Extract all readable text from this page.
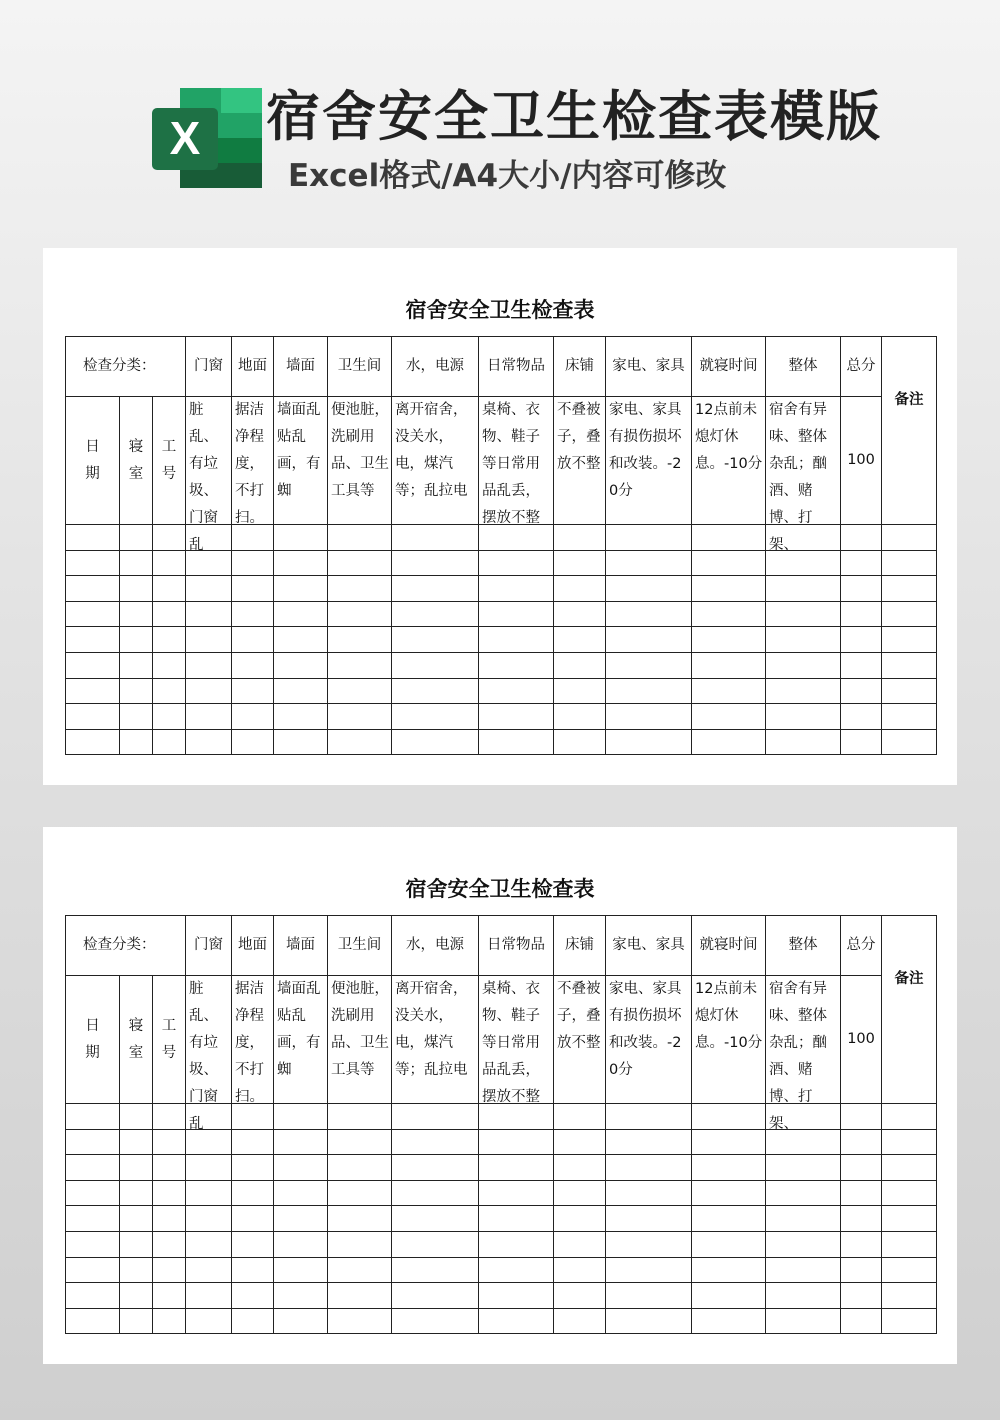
X 宿舍安全卫生检查表模版
Excel格式/A4大小/内容可修改
宿舍安全卫生检查表
检查分类：			门窗	地面	墙面	卫生间	水，电源	日常物品	床铺	家电、家具	就寝时间	整体	总分	备注

日期	寝室	工号	脏乱、有垃圾、门窗乱	据洁净程度，不打扫。	墙面乱贴乱画，有蜘	便池脏，洗刷用品、卫生工具等	离开宿舍，没关水，电，煤汽等；乱拉电	桌椅、衣物、鞋子等日常用品乱丢，摆放不整	不叠被子，叠放不整	家电、家具有损伤损坏和改装。-20分	12点前未熄灯休息。-10分	宿舍有异味、整体杂乱；酗酒、赌博、打架、	100	

宿舍安全卫生检查表
检查分类：			门窗	地面	墙面	卫生间	水，电源	日常物品	床铺	家电、家具	就寝时间	整体	总分	备注

日期	寝室	工号	脏乱、有垃圾、门窗乱	据洁净程度，不打扫。	墙面乱贴乱画，有蜘	便池脏，洗刷用品、卫生工具等	离开宿舍，没关水，电，煤汽等；乱拉电	桌椅、衣物、鞋子等日常用品乱丢，摆放不整	不叠被子，叠放不整	家电、家具有损伤损坏和改装。-20分	12点前未熄灯休息。-10分	宿舍有异味、整体杂乱；酗酒、赌博、打架、	100	
